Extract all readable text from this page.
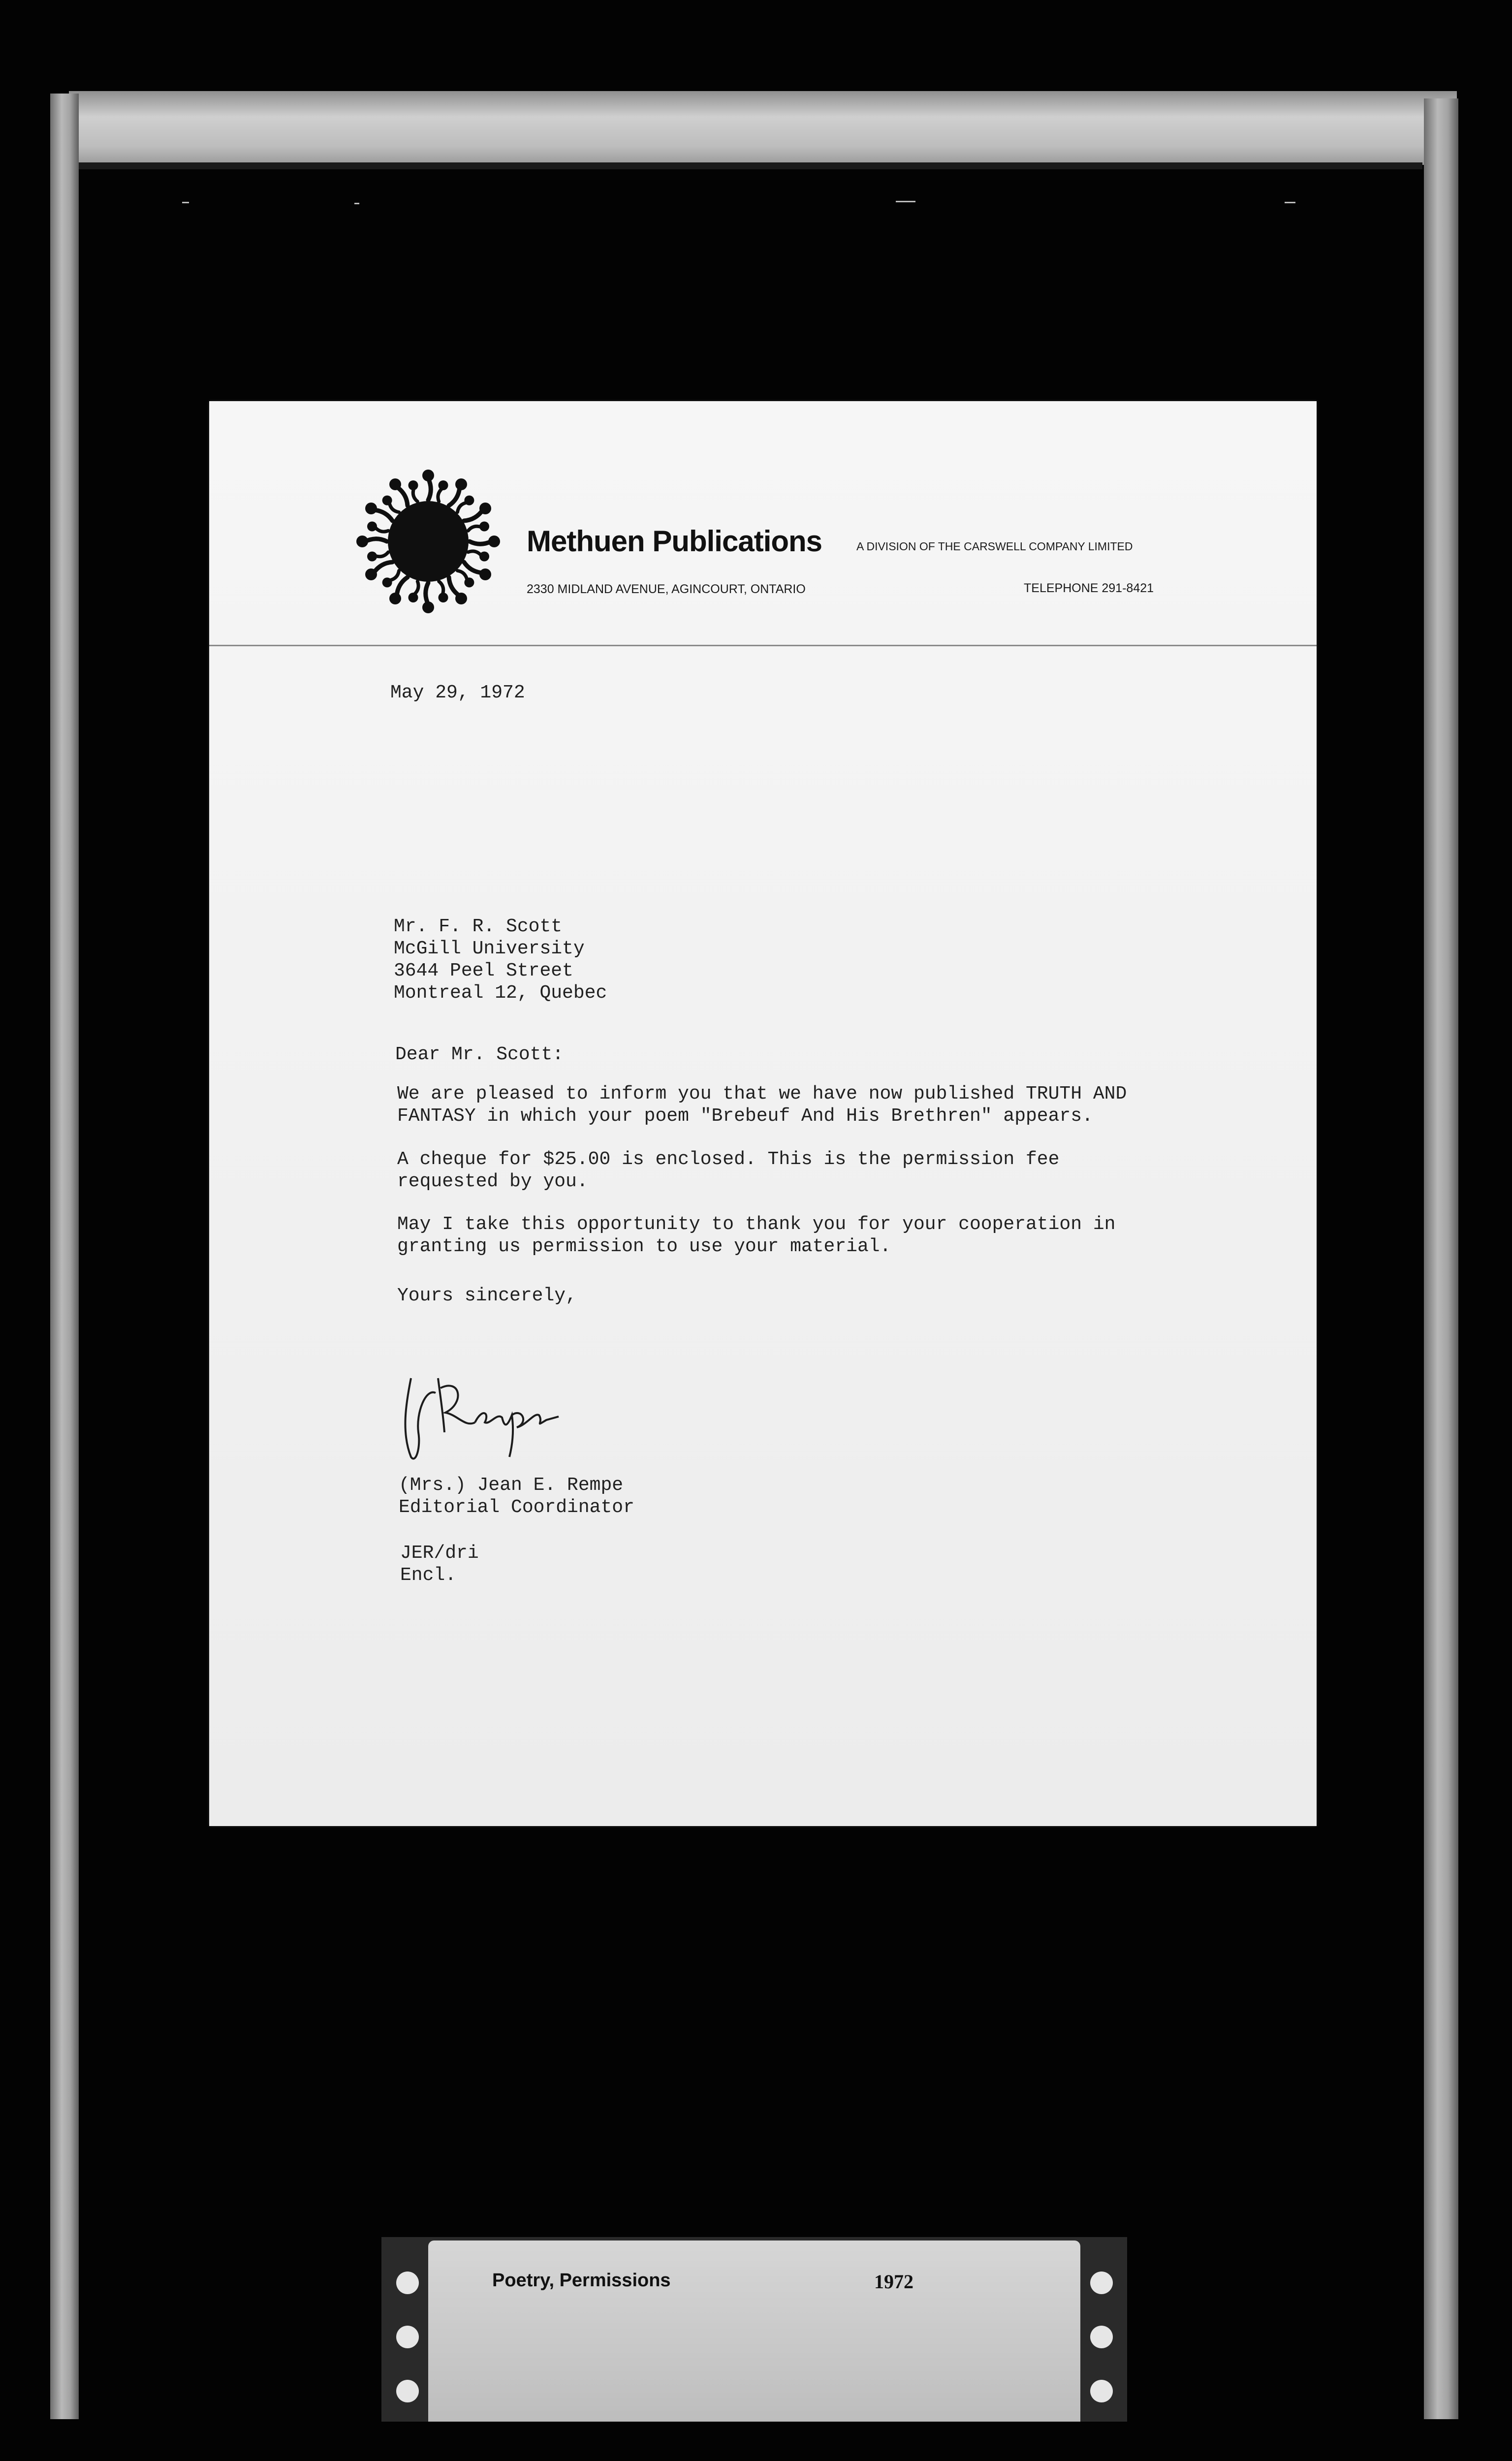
Methuen Publications	A DIVISION OF THE CARSWELL COMPANY LIMITED
2330 MIDLAND AVENUE, AGINCOURT, ONTARIO	TELEPHONE 291-8421
May 29, 1972
Mr. F. R. Scott
McGill University
3644 Peel Street
Montreal 12, Quebec
Dear Mr. Scott:
We are pleased to inform you that we have now published TRUTH AND
FANTASY in which your poem "Brebeuf And His Brethren" appears.
A cheque for $25.00 is enclosed. This is the permission fee
requested by you.
May I take this opportunity to thank you for your cooperation in
granting us permission to use your material.
Yours sincerely,
(Mrs.) Jean E. Rempe
Editorial Coordinator
JER/dri
Encl.
Poetry, Permissions	1972
